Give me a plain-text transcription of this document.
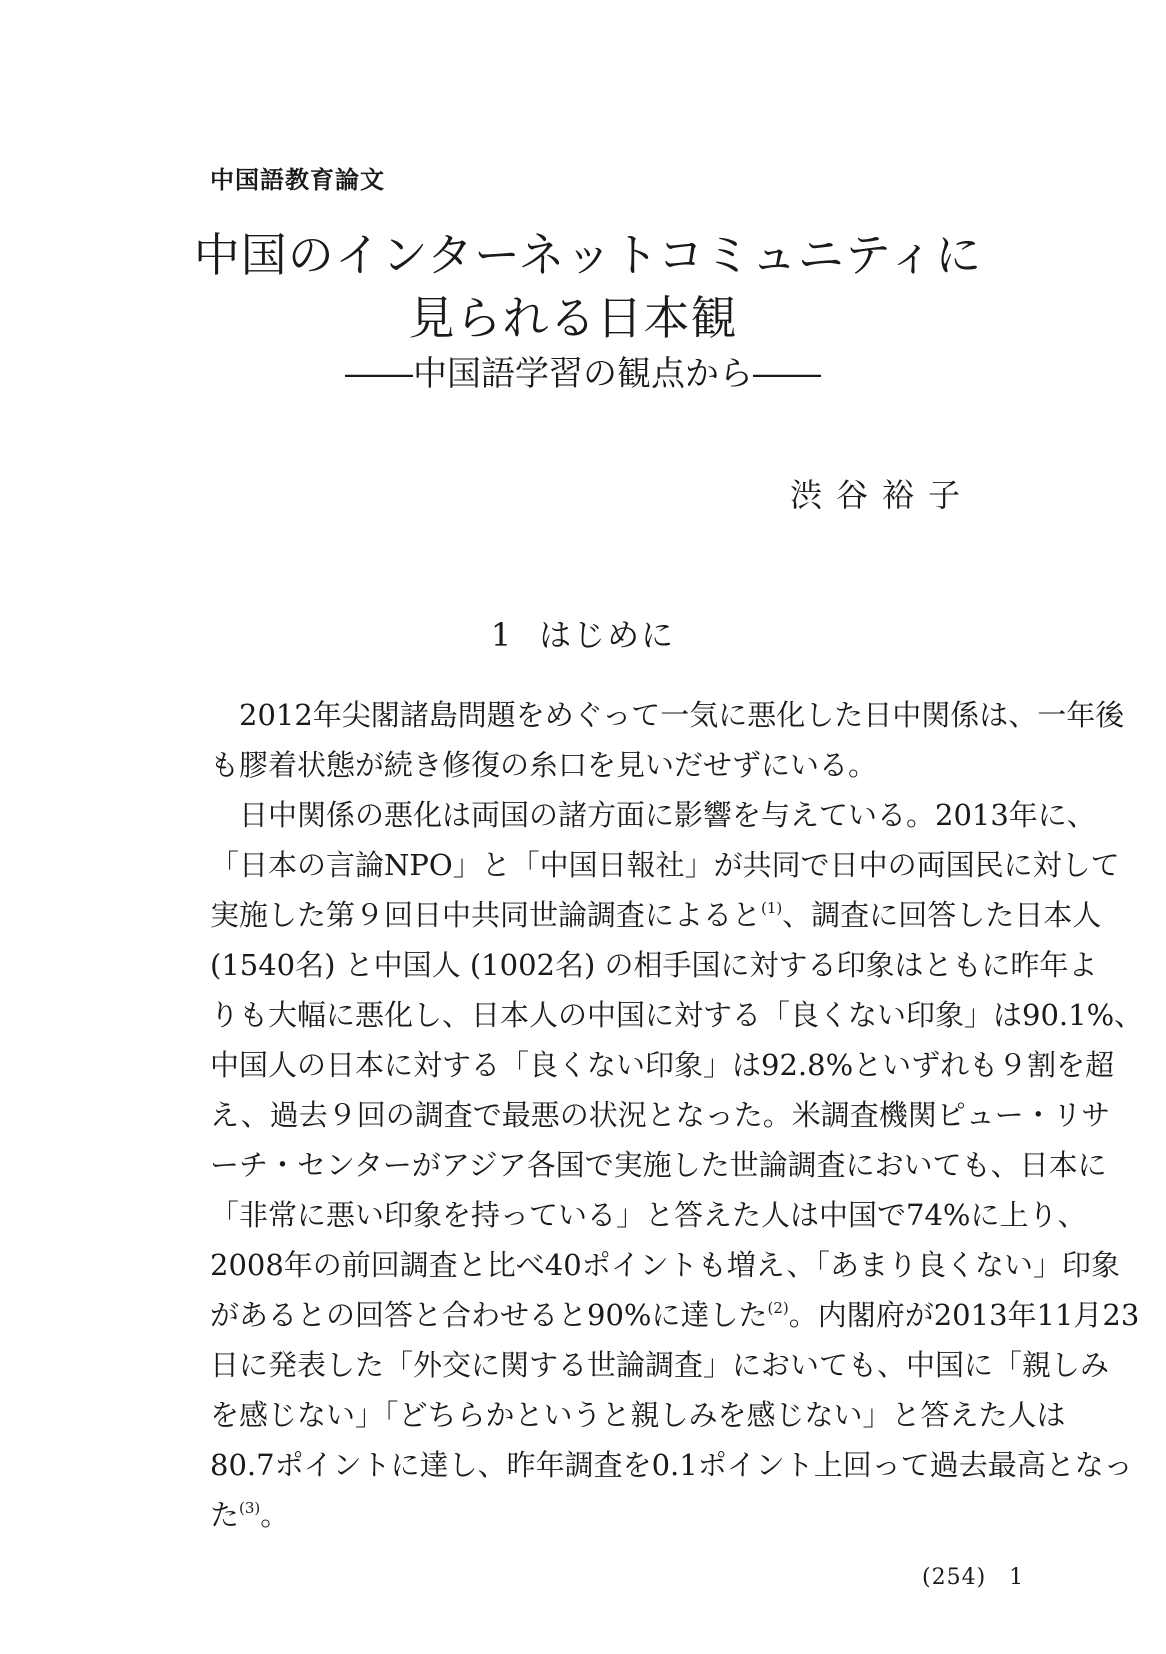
中国語教育論文
中国のインターネットコミュニティに
見られる日本観
――中国語学習の観点から――
渋谷裕子
1 はじめに
2012年尖閣諸島問題をめぐって一気に悪化した日中関係は、一年後
も膠着状態が続き修復の糸口を見いだせずにいる。
日中関係の悪化は両国の諸方面に影響を与えている。2013年に、
「日本の言論NPO」と「中国日報社」が共同で日中の両国民に対して
実施した第９回日中共同世論調査によると$^{(1)}$、調査に回答した日本人
(1540名) と中国人 (1002名) の相手国に対する印象はともに昨年よ
りも大幅に悪化し、日本人の中国に対する「良くない印象」は90.1%、
中国人の日本に対する「良くない印象」は92.8%といずれも９割を超
え、過去９回の調査で最悪の状況となった。米調査機関ピュー・リサ
ーチ・センターがアジア各国で実施した世論調査においても、日本に
「非常に悪い印象を持っている」と答えた人は中国で74%に上り、
2008年の前回調査と比べ40ポイントも増え、「あまり良くない」印象
があるとの回答と合わせると90%に達した$^{(2)}$。内閣府が2013年11月23
日に発表した「外交に関する世論調査」においても、中国に「親しみ
を感じない」「どちらかというと親しみを感じない」と答えた人は
80.7ポイントに達し、昨年調査を0.1ポイント上回って過去最高となっ
た$^{(3)}$。
(254)　1
